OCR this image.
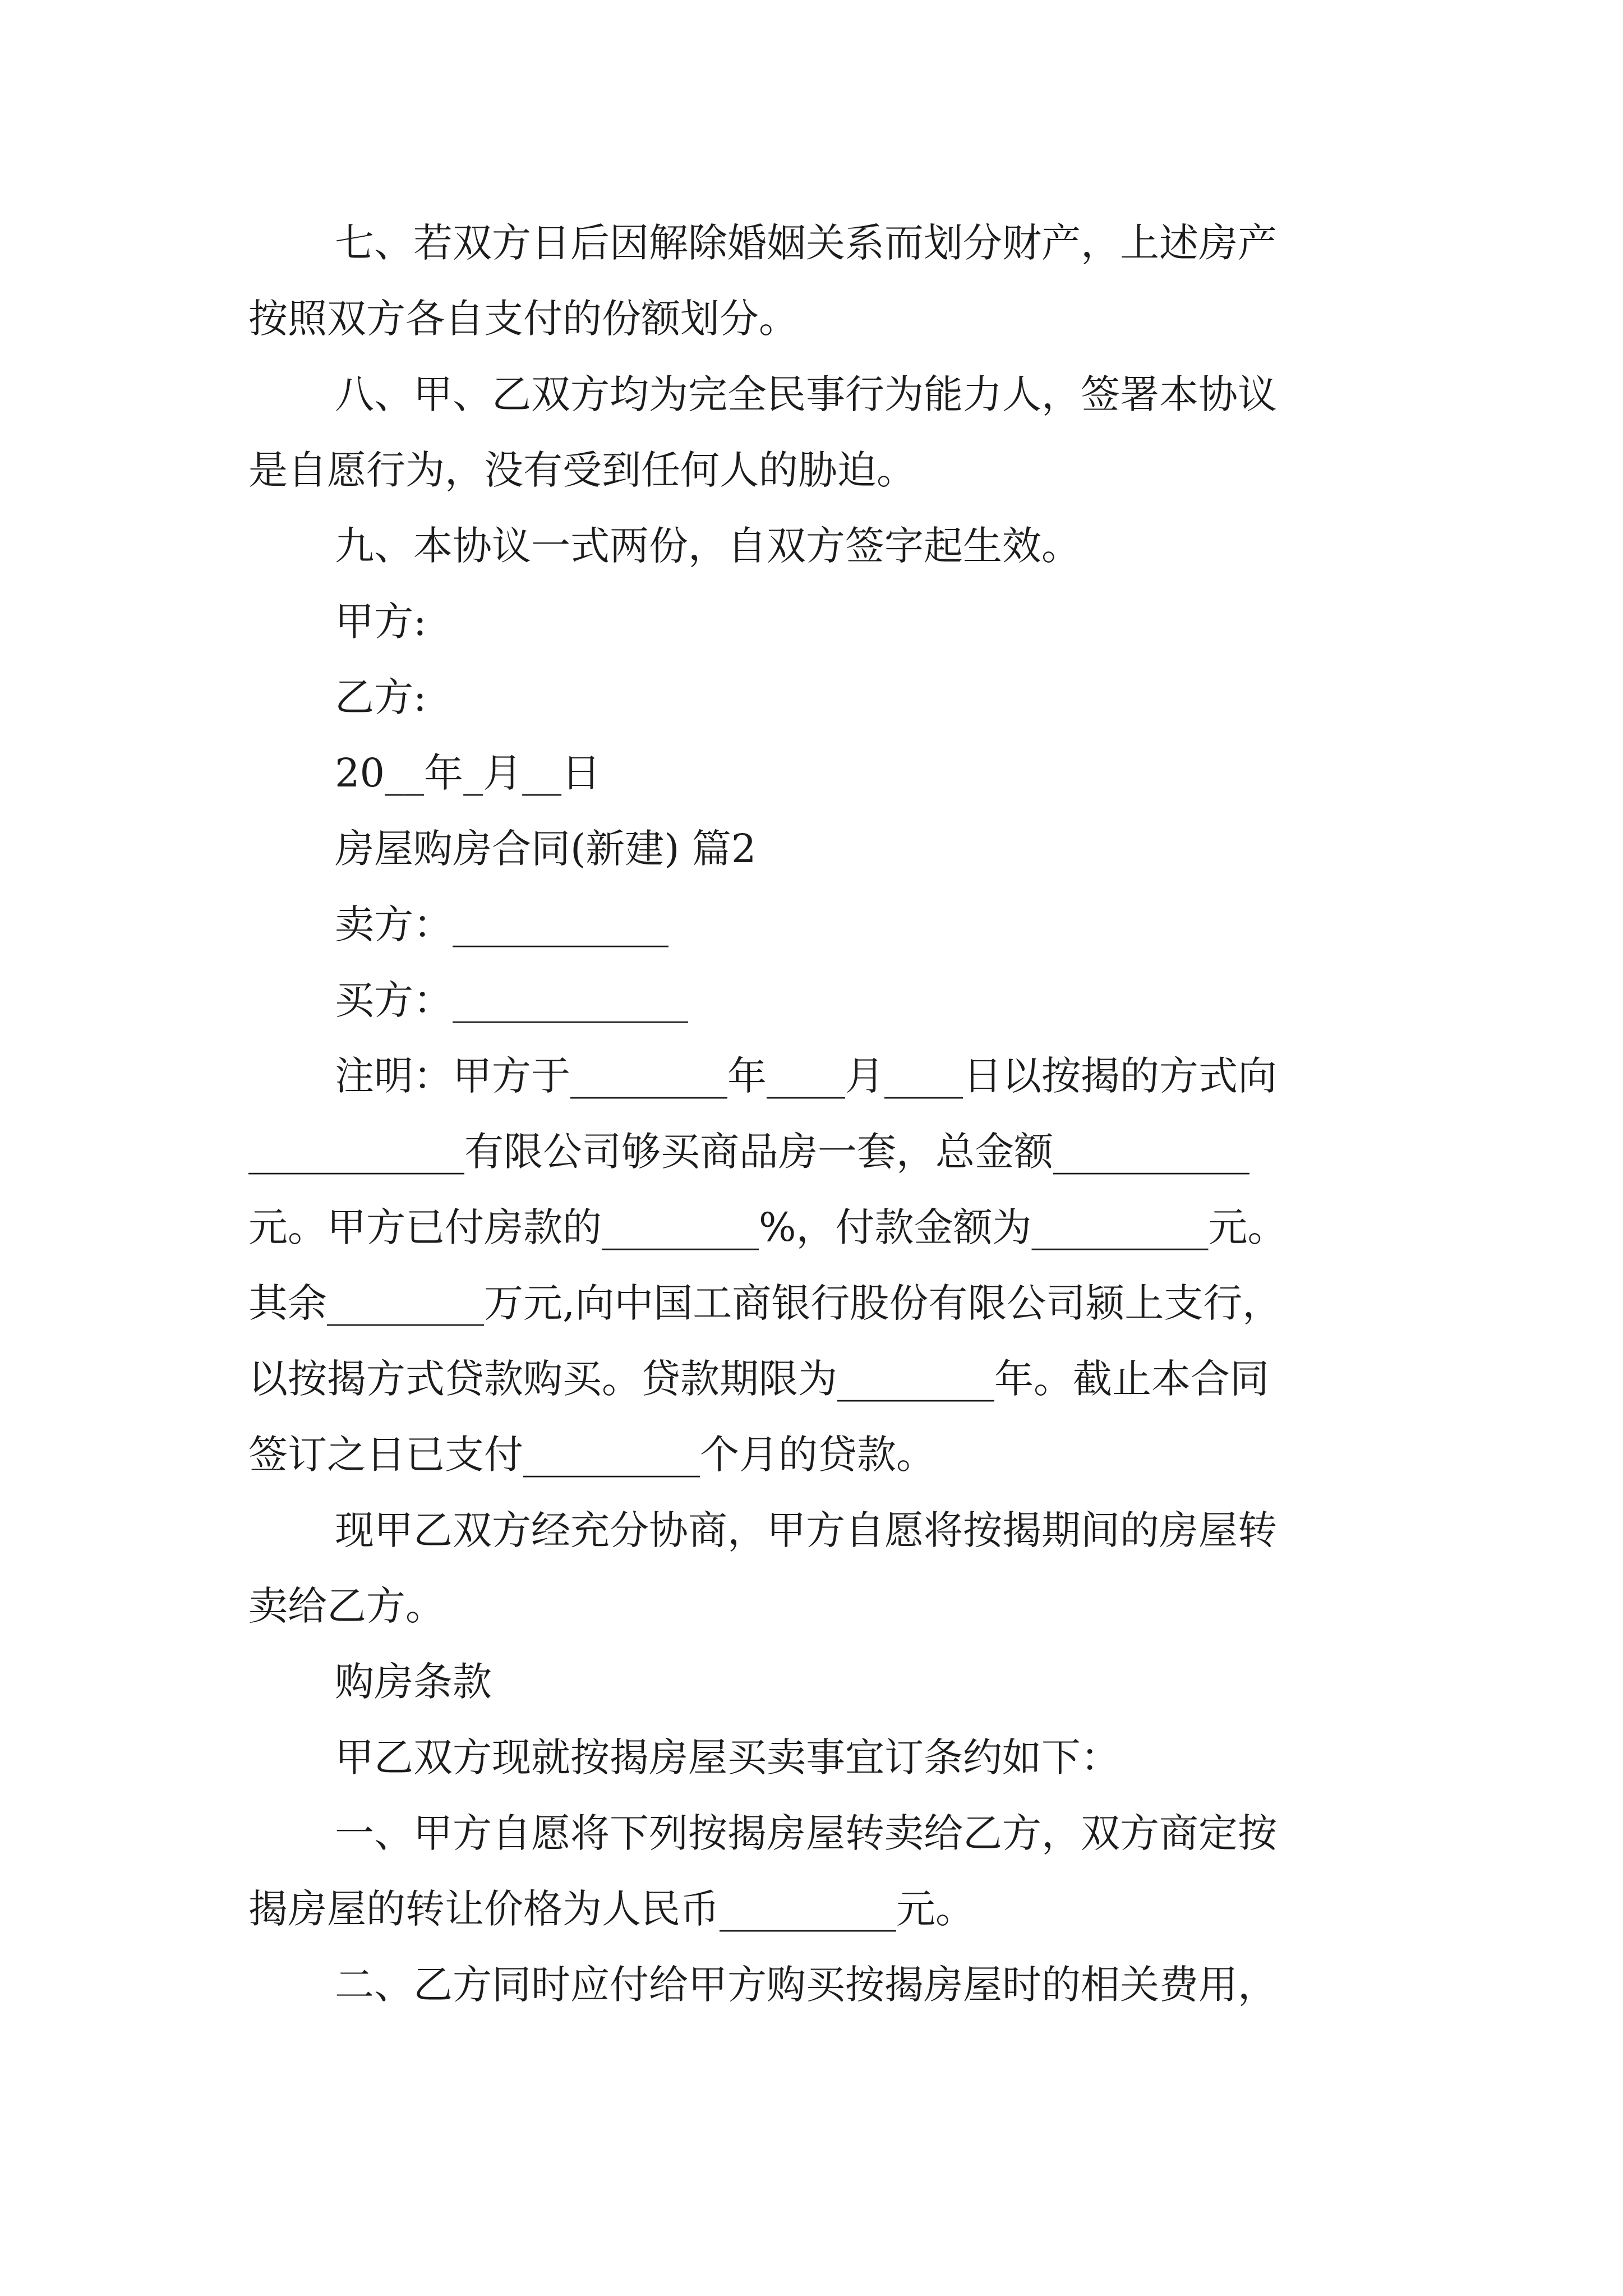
七、若双方日后因解除婚姻关系而划分财产，上述房产
按照双方各自支付的份额划分。
八、甲、乙双方均为完全民事行为能力人，签署本协议
是自愿行为，没有受到任何人的胁迫。
九、本协议一式两份，自双方签字起生效。
甲方:
乙方:
20__年_月__日
房屋购房合同(新建) 篇2
卖方：___________
买方：____________
注明：甲方于________年____月____日以按揭的方式向
___________有限公司够买商品房一套，总金额__________
元。甲方已付房款的________%，付款金额为_________元。
其余________万元,向中国工商银行股份有限公司颍上支行，
以按揭方式贷款购买。贷款期限为________年。截止本合同
签订之日已支付_________个月的贷款。
现甲乙双方经充分协商，甲方自愿将按揭期间的房屋转
卖给乙方。
购房条款
甲乙双方现就按揭房屋买卖事宜订条约如下：
一、甲方自愿将下列按揭房屋转卖给乙方，双方商定按
揭房屋的转让价格为人民币_________元。
二、乙方同时应付给甲方购买按揭房屋时的相关费用，
